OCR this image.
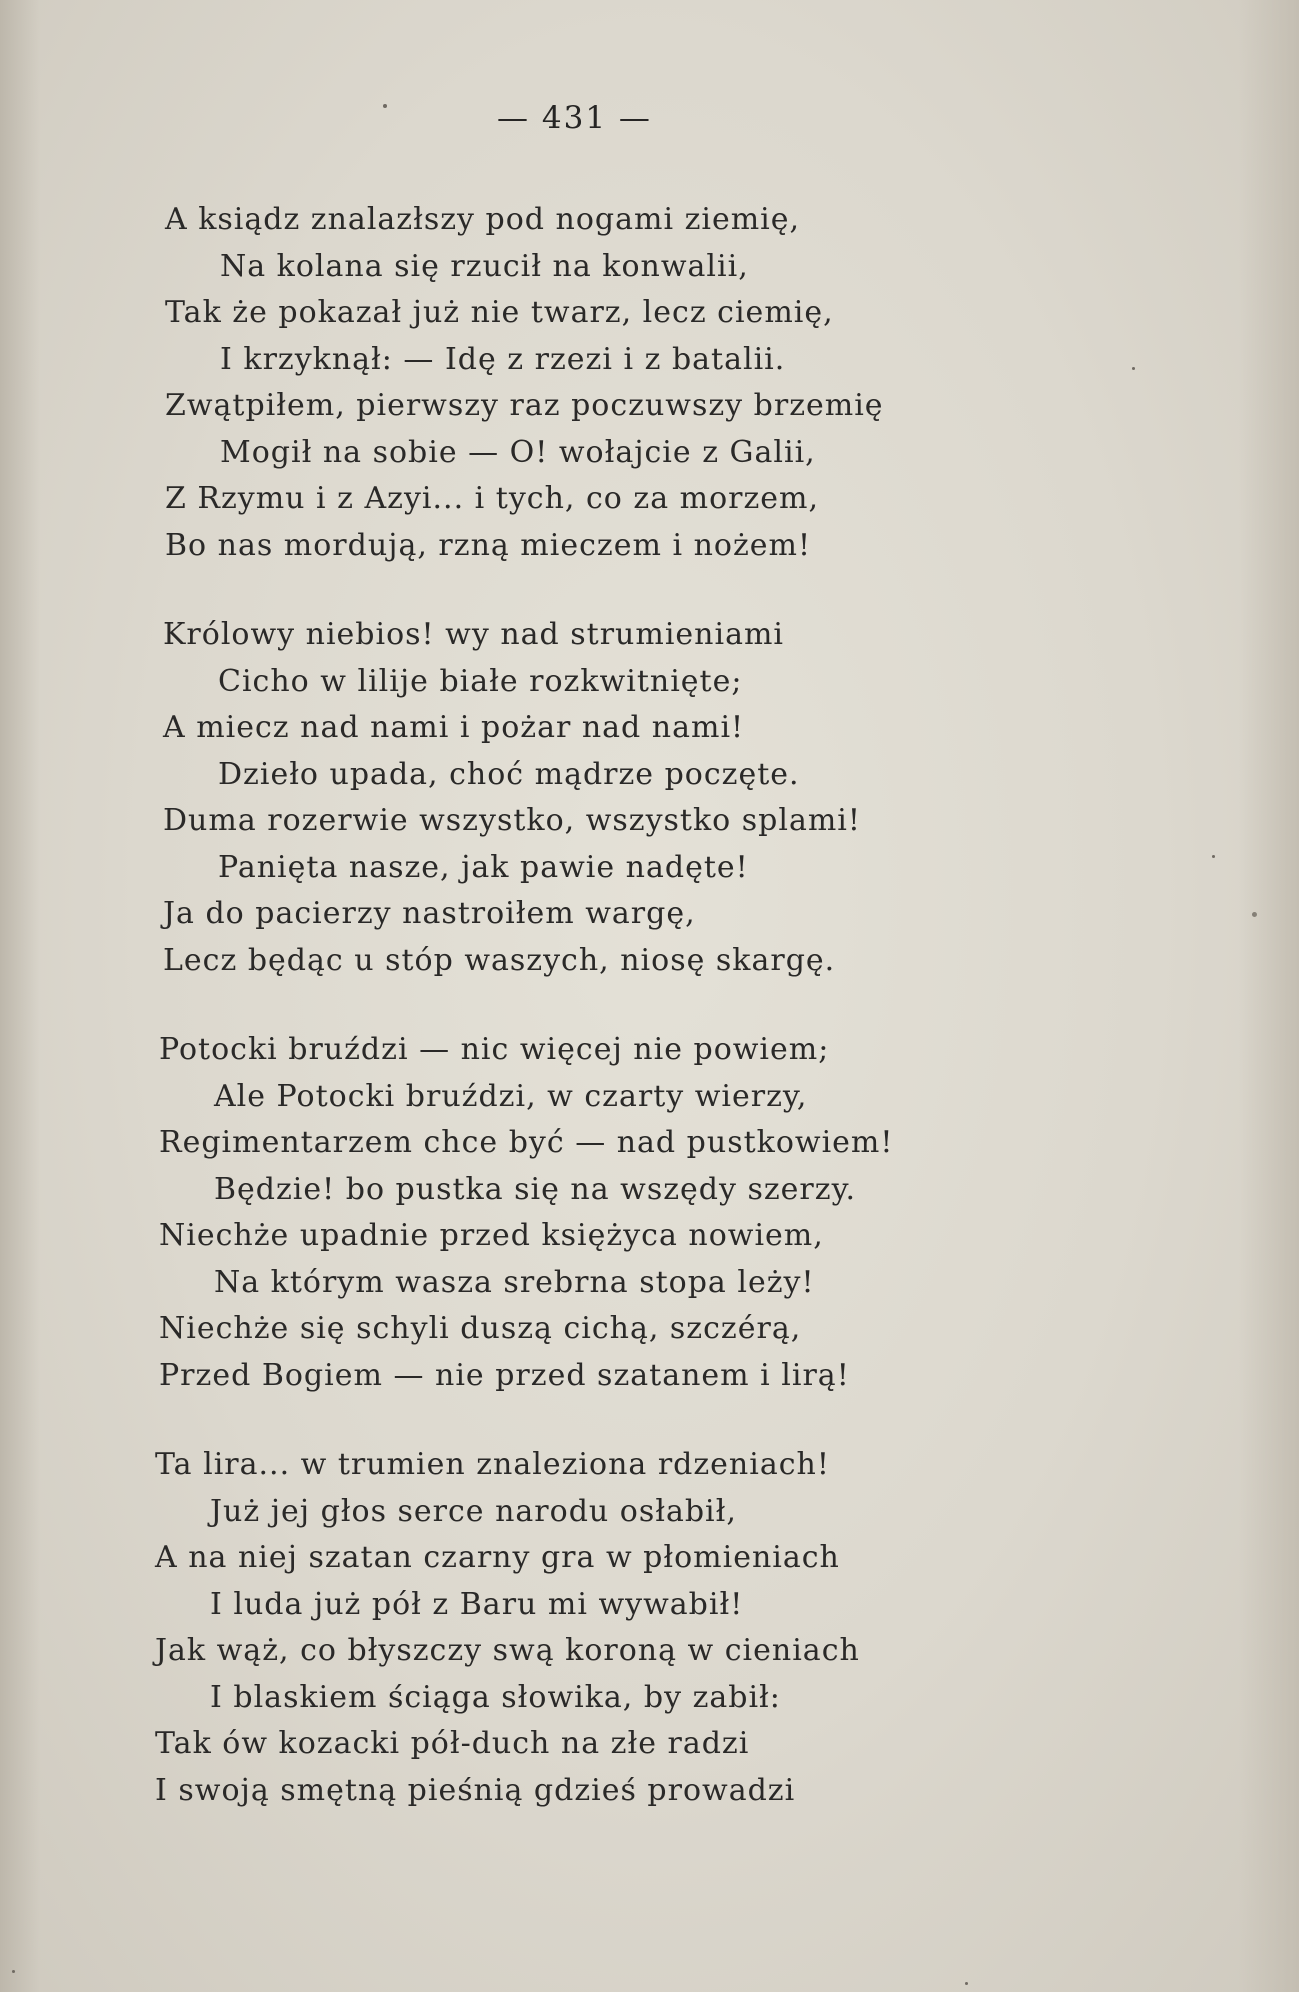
— 431 —
A ksiądz znalazłszy pod nogami ziemię,
Na kolana się rzucił na konwalii,
Tak że pokazał już nie twarz, lecz ciemię,
I krzyknął: — Idę z rzezi i z batalii.
Zwątpiłem, pierwszy raz poczuwszy brzemię
Mogił na sobie — O! wołajcie z Galii,
Z Rzymu i z Azyi... i tych, co za morzem,
Bo nas mordują, rzną mieczem i nożem!
Królowy niebios! wy nad strumieniami
Cicho w lilije białe rozkwitnięte;
A miecz nad nami i pożar nad nami!
Dzieło upada, choć mądrze poczęte.
Duma rozerwie wszystko, wszystko splami!
Panięta nasze, jak pawie nadęte!
Ja do pacierzy nastroiłem wargę,
Lecz będąc u stóp waszych, niosę skargę.
Potocki bruździ — nic więcej nie powiem;
Ale Potocki bruździ, w czarty wierzy,
Regimentarzem chce być — nad pustkowiem!
Będzie! bo pustka się na wszędy szerzy.
Niechże upadnie przed księżyca nowiem,
Na którym wasza srebrna stopa leży!
Niechże się schyli duszą cichą, szczérą,
Przed Bogiem — nie przed szatanem i lirą!
Ta lira... w trumien znaleziona rdzeniach!
Już jej głos serce narodu osłabił,
A na niej szatan czarny gra w płomieniach
I luda już pół z Baru mi wywabił!
Jak wąż, co błyszczy swą koroną w cieniach
I blaskiem ściąga słowika, by zabił:
Tak ów kozacki pół-duch na złe radzi
I swoją smętną pieśnią gdzieś prowadzi
